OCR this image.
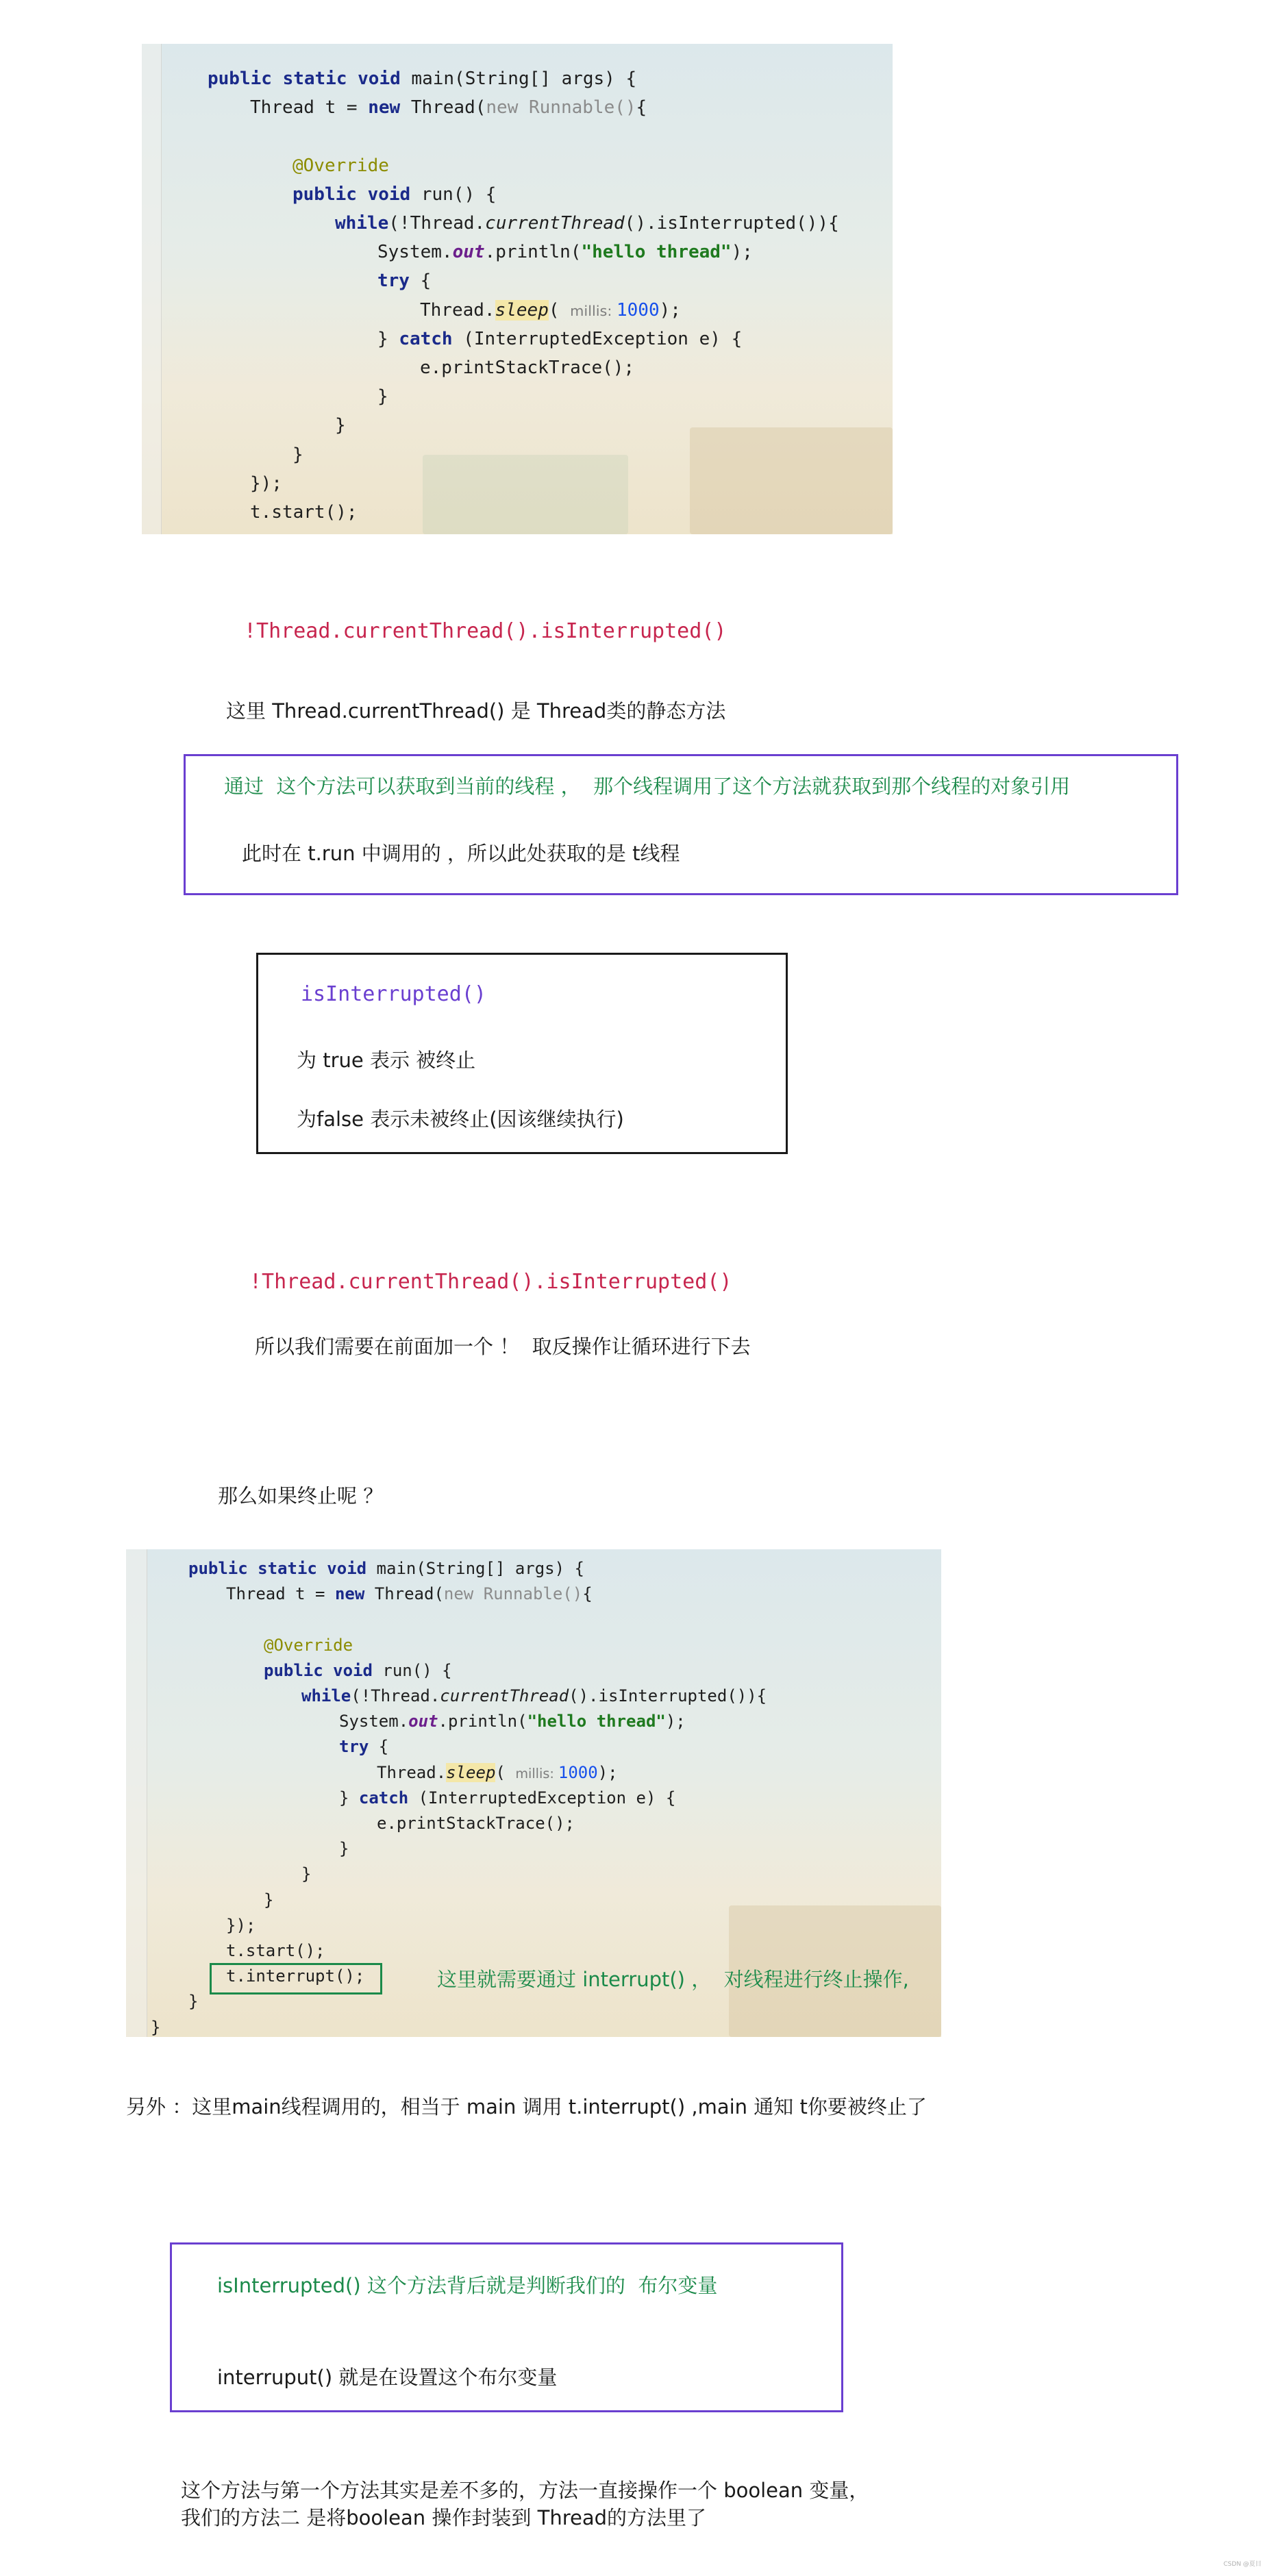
public static void main(String[] args) {
Thread t = new Thread(new Runnable(){
@Override
public void run() {
while(!Thread.currentThread().isInterrupted()){
System.out.println("hello thread");
try {
Thread.sleep( millis: 1000);
} catch (InterruptedException e) {
e.printStackTrace();
}
}
}
});
t.start();

!Thread.currentThread().isInterrupted()
这里 Thread.currentThread() 是 Thread类的静态方法
通过  这个方法可以获取到当前的线程 ，  那个线程调用了这个方法就获取到那个线程的对象引用
此时在 t.run 中调用的 ，所以此处获取的是 t线程
isInterrupted()
为 true 表示 被终止
为false 表示未被终止(因该继续执行)
!Thread.currentThread().isInterrupted()
所以我们需要在前面加一个 ！  取反操作让循环进行下去
那么如果终止呢 ？

public static void main(String[] args) {
Thread t = new Thread(new Runnable(){
@Override
public void run() {
while(!Thread.currentThread().isInterrupted()){
System.out.println("hello thread");
try {
Thread.sleep( millis: 1000);
} catch (InterruptedException e) {
e.printStackTrace();
}
}
}
});
t.start();
t.interrupt();
}
}

这里就需要通过 interrupt() ，  对线程进行终止操作,
另外 ：这里main线程调用的，相当于 main 调用 t.interrupt() ,main 通知 t你要被终止了
isInterrupted() 这个方法背后就是判断我们的  布尔变量
interruput() 就是在设置这个布尔变量
这个方法与第一个方法其实是差不多的，方法一直接操作一个 boolean 变量，
我们的方法二 是将boolean 操作封装到 Thread的方法里了
CSDN @夏目
